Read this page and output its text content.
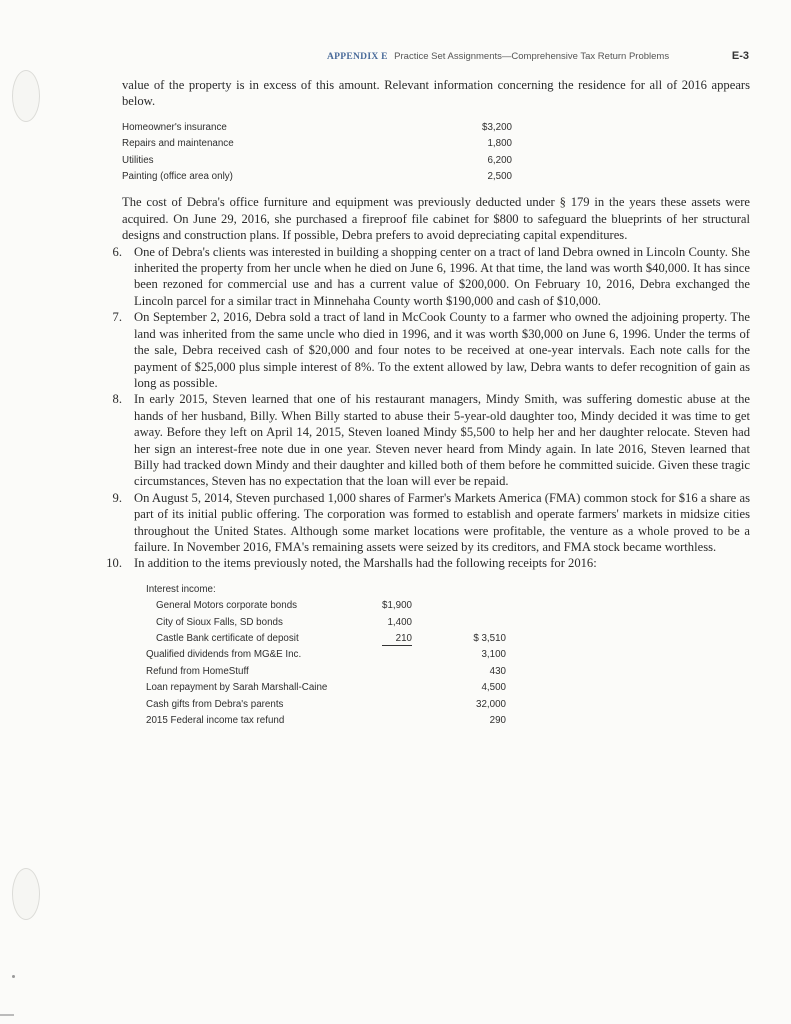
APPENDIX E Practice Set Assignments—Comprehensive Tax Return Problems	E-3

value of the property is in excess of this amount. Relevant information concerning the residence for all of 2016 appears below.

Homeowner's insurance	$3,200
Repairs and maintenance	1,800
Utilities	6,200
Painting (office area only)	2,500

The cost of Debra's office furniture and equipment was previously deducted under § 179 in the years these assets were acquired. On June 29, 2016, she purchased a fireproof file cabinet for $800 to safeguard the blueprints of her structural designs and construction plans. If possible, Debra prefers to avoid depreciating capital expenditures.

6. One of Debra's clients was interested in building a shopping center on a tract of land Debra owned in Lincoln County. She inherited the property from her uncle when he died on June 6, 1996. At that time, the land was worth $40,000. It has since been rezoned for commercial use and has a current value of $200,000. On February 10, 2016, Debra exchanged the Lincoln parcel for a similar tract in Minnehaha County worth $190,000 and cash of $10,000.

7. On September 2, 2016, Debra sold a tract of land in McCook County to a farmer who owned the adjoining property. The land was inherited from the same uncle who died in 1996, and it was worth $30,000 on June 6, 1996. Under the terms of the sale, Debra received cash of $20,000 and four notes to be received at one-year intervals. Each note calls for the payment of $25,000 plus simple interest of 8%. To the extent allowed by law, Debra wants to defer recognition of gain as long as possible.

8. In early 2015, Steven learned that one of his restaurant managers, Mindy Smith, was suffering domestic abuse at the hands of her husband, Billy. When Billy started to abuse their 5-year-old daughter too, Mindy decided it was time to get away. Before they left on April 14, 2015, Steven loaned Mindy $5,500 to help her and her daughter relocate. Steven had her sign an interest-free note due in one year. Steven never heard from Mindy again. In late 2016, Steven learned that Billy had tracked down Mindy and their daughter and killed both of them before he committed suicide. Given these tragic circumstances, Steven has no expectation that the loan will ever be repaid.

9. On August 5, 2014, Steven purchased 1,000 shares of Farmer's Markets America (FMA) common stock for $16 a share as part of its initial public offering. The corporation was formed to establish and operate farmers' markets in midsize cities throughout the United States. Although some market locations were profitable, the venture as a whole proved to be a failure. In November 2016, FMA's remaining assets were seized by its creditors, and FMA stock became worthless.

10. In addition to the items previously noted, the Marshalls had the following receipts for 2016:

Interest income:		
General Motors corporate bonds	$1,900	
City of Sioux Falls, SD bonds	1,400	
Castle Bank certificate of deposit	210	$ 3,510
Qualified dividends from MG&E Inc.		3,100
Refund from HomeStuff		430
Loan repayment by Sarah Marshall-Caine		4,500
Cash gifts from Debra's parents		32,000
2015 Federal income tax refund		290
